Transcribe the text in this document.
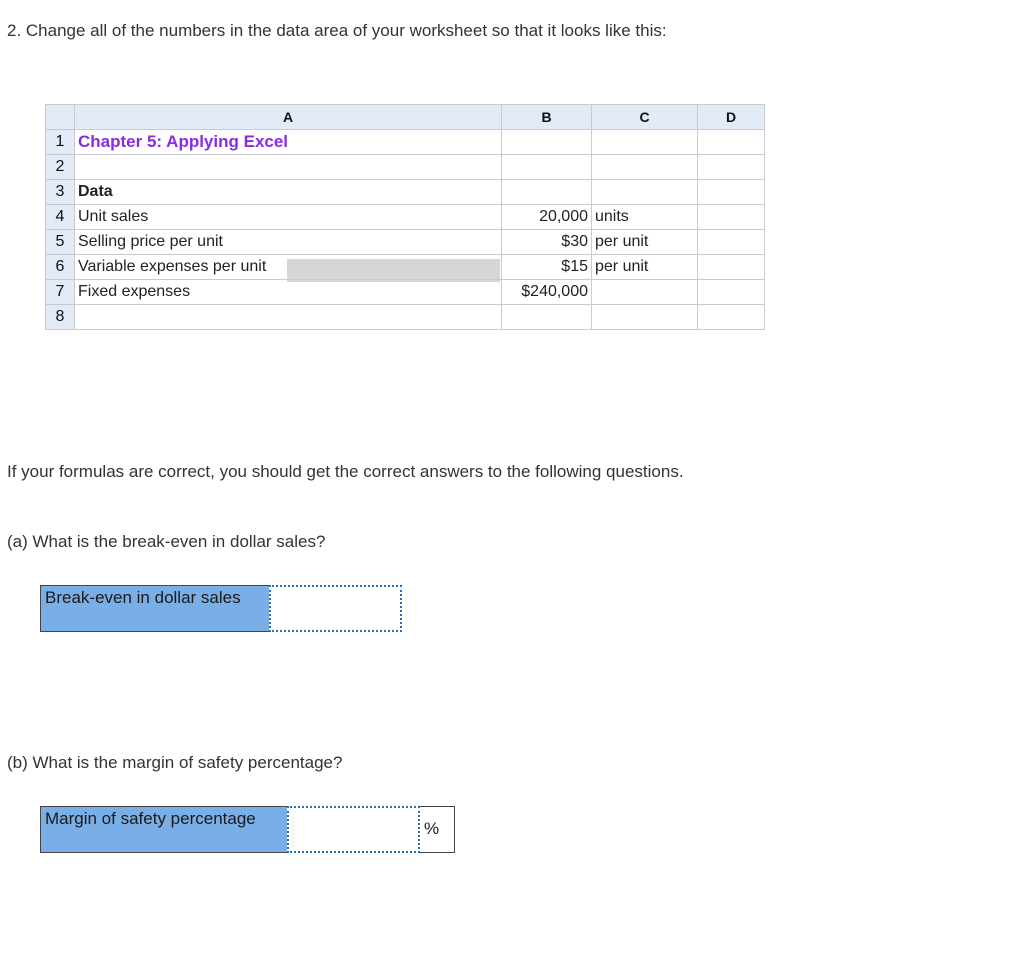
2. Change all of the numbers in the data area of your worksheet so that it looks like this:
	A	B	C	D
1	Chapter 5: Applying Excel			
2				
3	Data			
4	Unit sales	20,000	units	
5	Selling price per unit	$30	per unit	
6	Variable expenses per unit	$15	per unit	
7	Fixed expenses	$240,000		
8				
If your formulas are correct, you should get the correct answers to the following questions.
(a) What is the break-even in dollar sales?
Break-even in dollar sales
(b) What is the margin of safety percentage?
Margin of safety percentage
%
